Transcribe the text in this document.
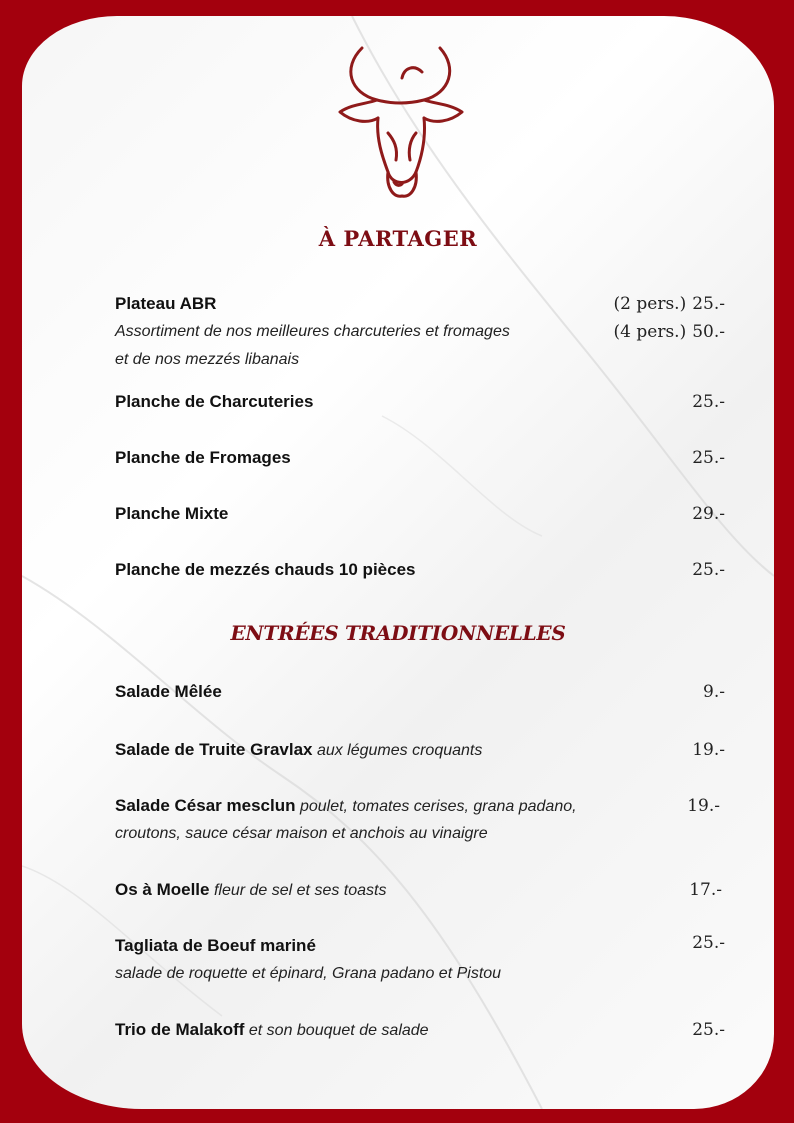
À PARTAGER
ENTRÉES TRADITIONNELLES
Plateau ABR	(2 pers.) 25.-
Assortiment de nos meilleures charcuteries et fromages	(4 pers.) 50.-
et de nos mezzés libanais
Planche de Charcuteries	25.-
Planche de Fromages	25.-
Planche Mixte	29.-
Planche de mezzés chauds 10 pièces	25.-
Salade Mêlée	9.-
Salade de Truite Gravlax aux légumes croquants	19.-
Salade César mesclun poulet, tomates cerises, grana padano,	19.-
croutons, sauce césar maison et anchois au vinaigre
Os à Moelle fleur de sel et ses toasts	17.-
Tagliata de Boeuf mariné	25.-
salade de roquette et épinard, Grana padano et Pistou
Trio de Malakoff et son bouquet de salade	25.-
